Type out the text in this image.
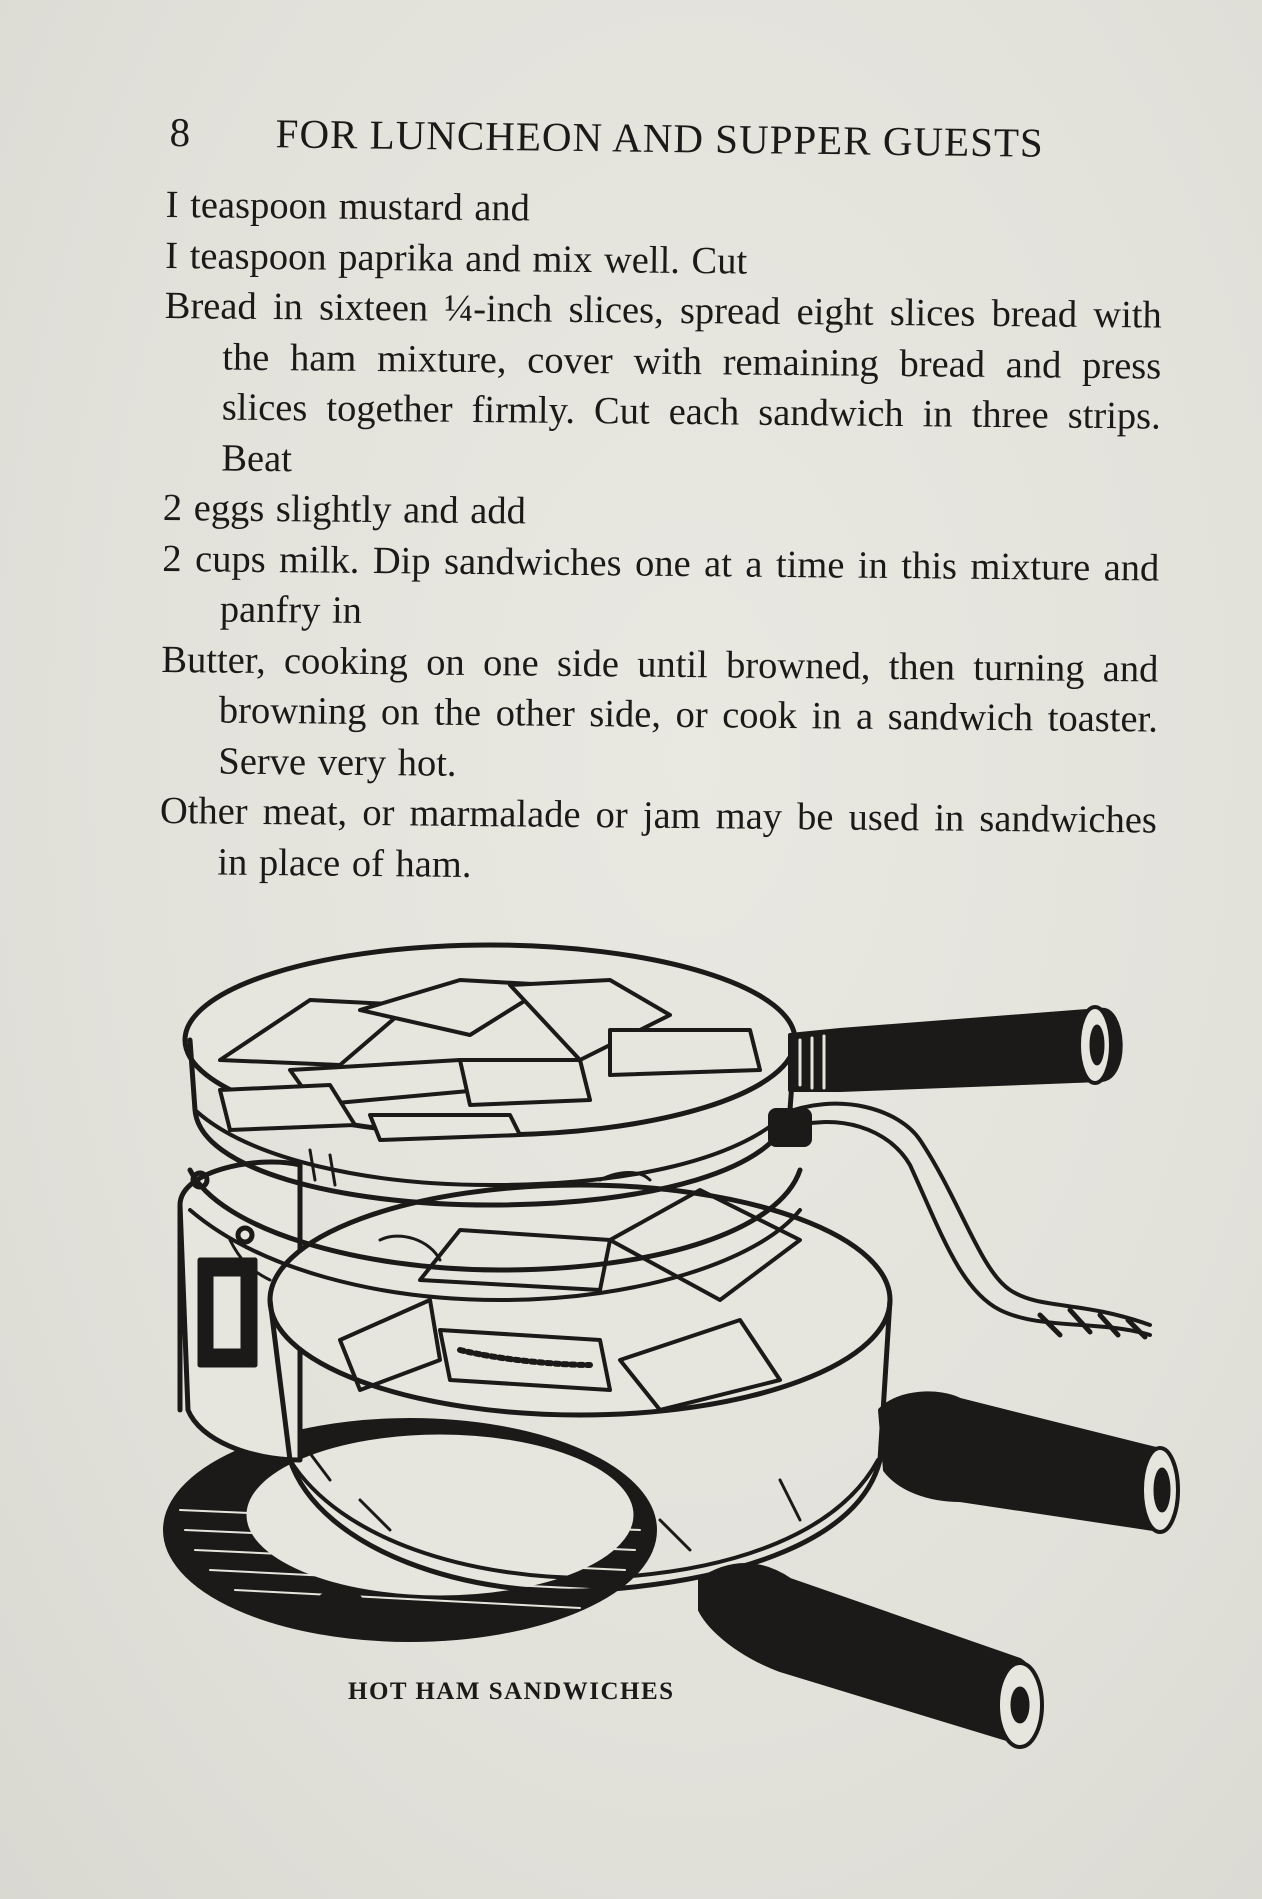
8 FOR LUNCHEON AND SUPPER GUESTS

I teaspoon mustard and

I teaspoon paprika and mix well. Cut

Bread in sixteen ¼-inch slices, spread eight slices bread with the ham mixture, cover with remaining bread and press slices together firmly. Cut each sandwich in three strips. Beat

2 eggs slightly and add

2 cups milk. Dip sandwiches one at a time in this mixture and panfry in

Butter, cooking on one side until browned, then turning and browning on the other side, or cook in a sandwich toaster. Serve very hot.

Other meat, or marmalade or jam may be used in sandwiches in place of ham.

HOT HAM SANDWICHES
